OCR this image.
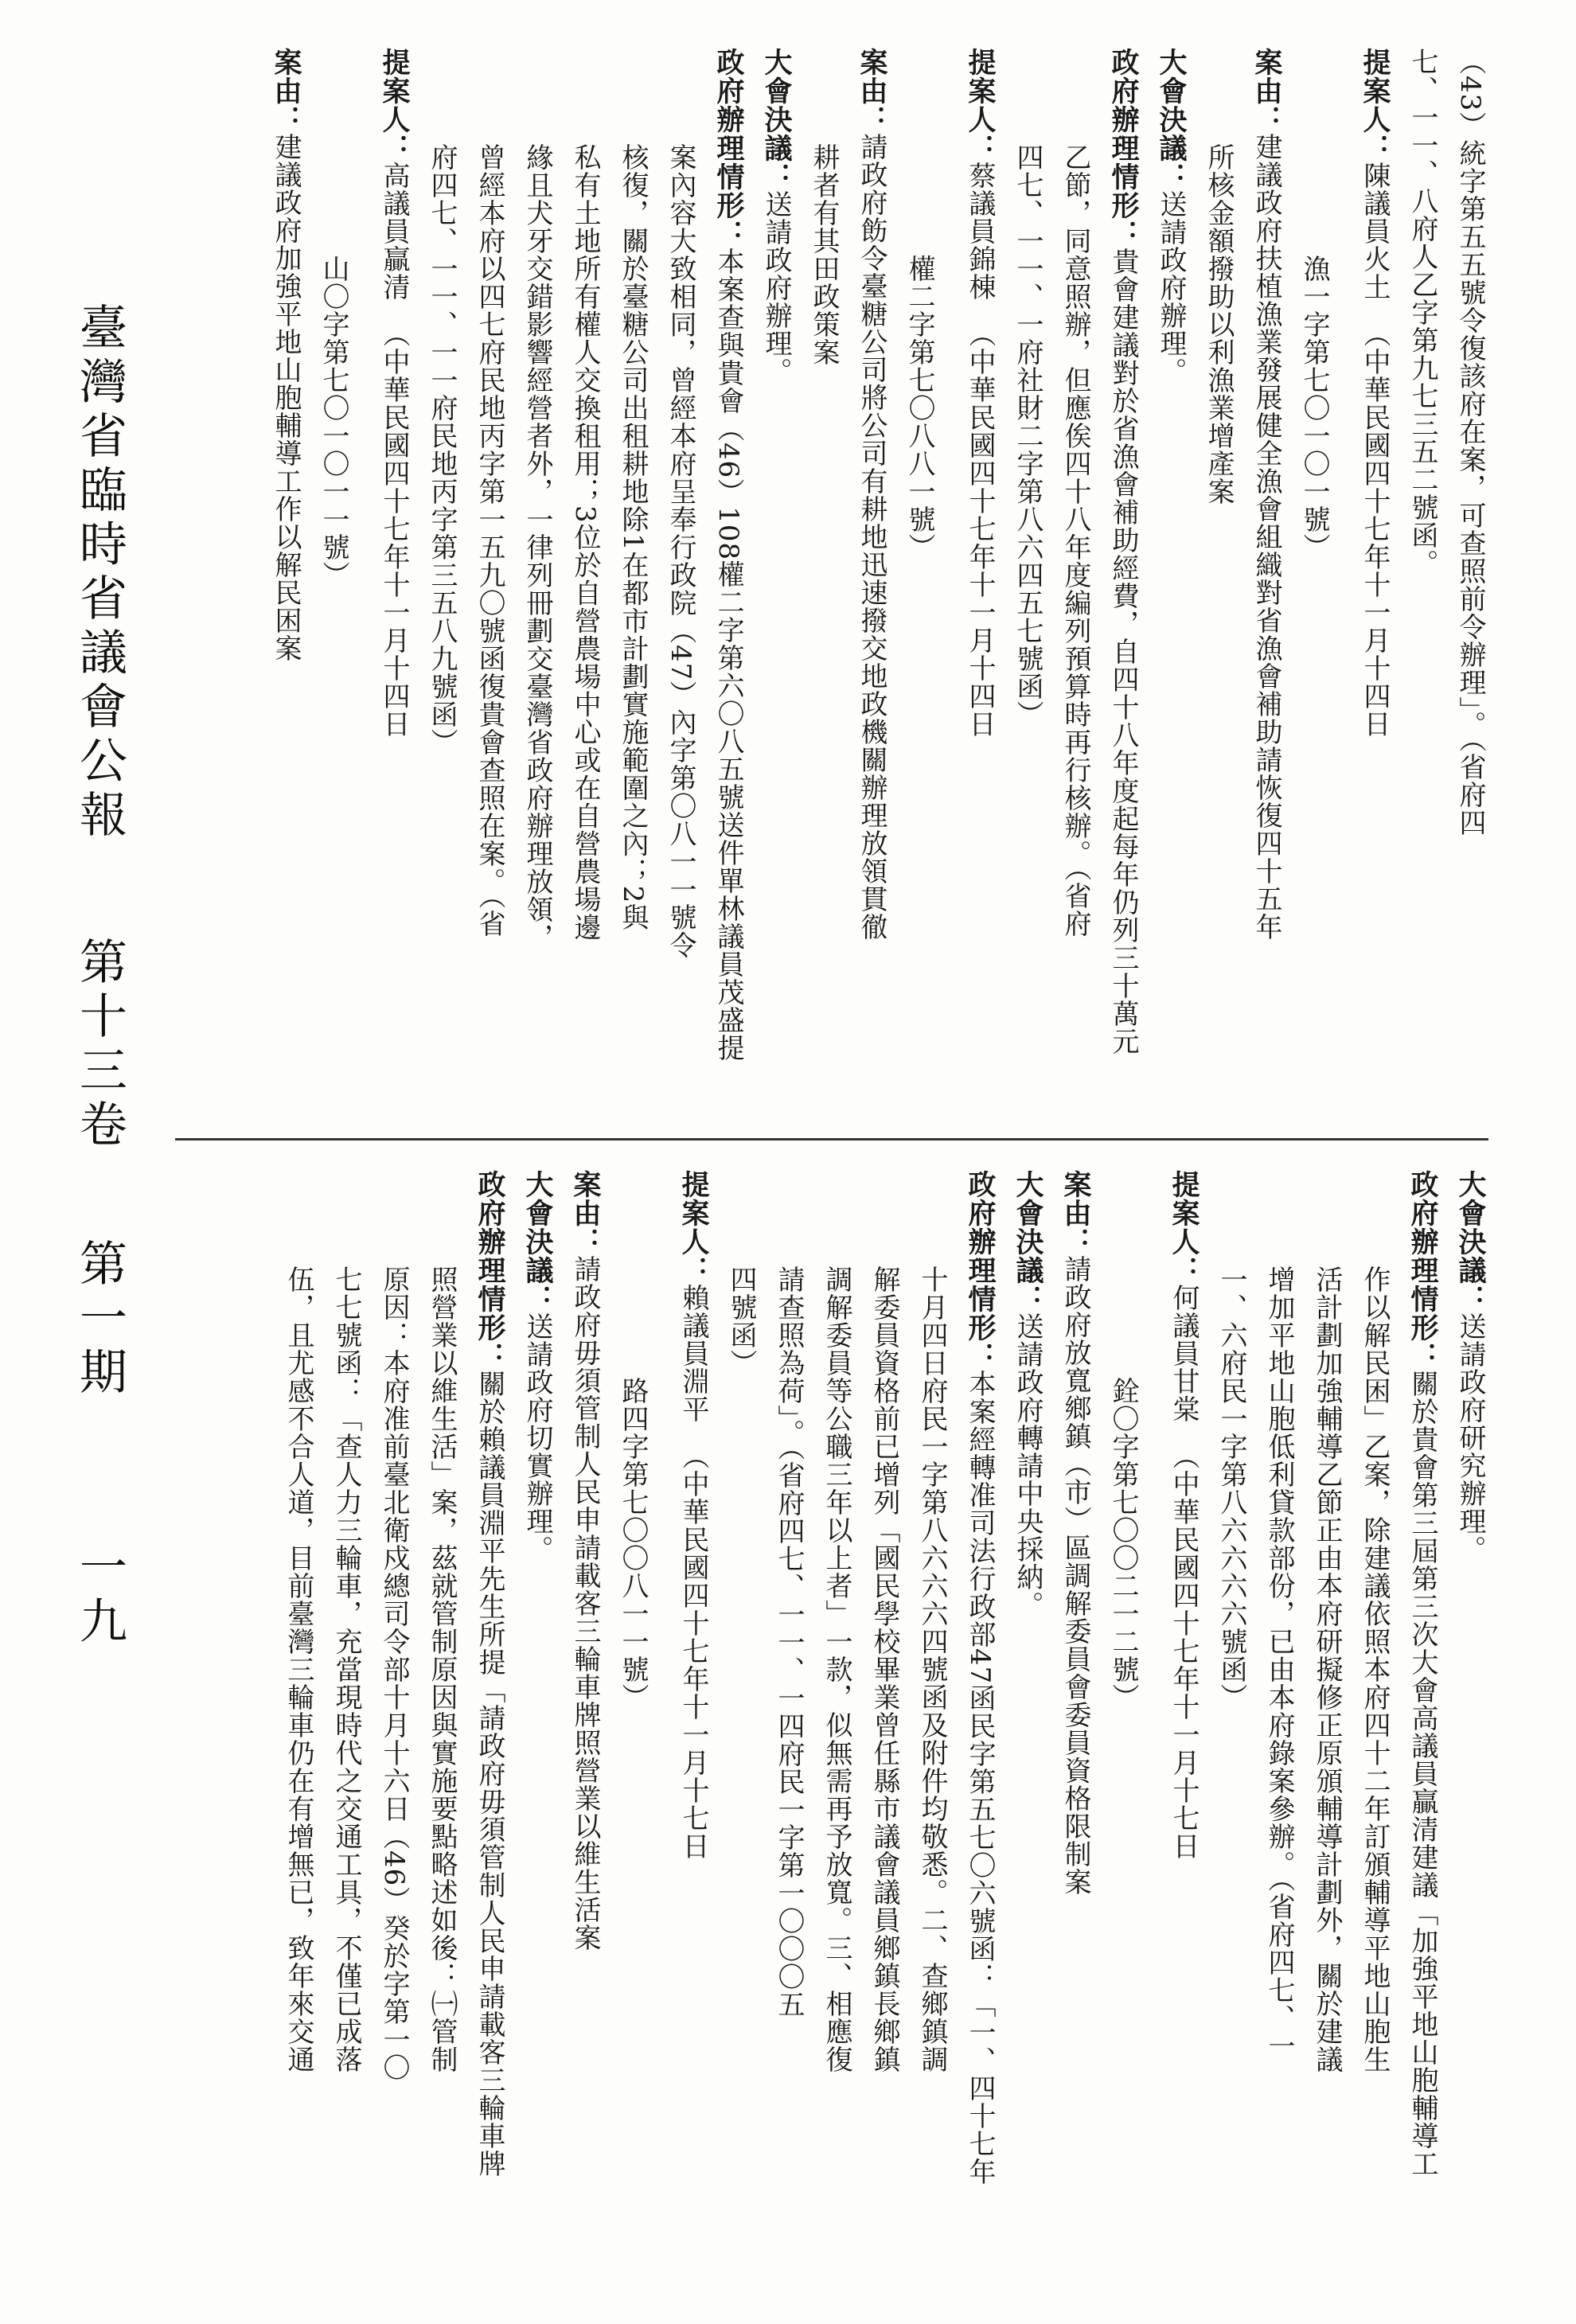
（43）統字第五五號令復該府在案，可查照前令辦理」。（省府四
七、一一、八府人乙字第九七三五二號函。
提案人：陳議員火土（中華民國四十七年十一月十四日
漁一字第七〇一〇一號）
案由：建議政府扶植漁業發展健全漁會組織對省漁會補助請恢復四十五年
所核金額撥助以利漁業增產案
大會決議：送請政府辦理。
政府辦理情形：貴會建議對於省漁會補助經費，自四十八年度起每年仍列三十萬元
乙節，同意照辦，但應俟四十八年度編列預算時再行核辦。（省府
四七、一一、一府社財二字第八六四五七號函）
提案人：蔡議員錦棟（中華民國四十七年十一月十四日
權二字第七〇八八一號）
案由：請政府飭令臺糖公司將公司有耕地迅速撥交地政機關辦理放領貫徹
耕者有其田政策案
大會決議：送請政府辦理。
政府辦理情形：本案查與貴會（46）108權二字第六〇八五號送件單林議員茂盛提
案內容大致相同，曾經本府呈奉行政院（47）內字第〇八一一號令
核復，關於臺糖公司出租耕地除1在都市計劃實施範圍之內；2與
私有土地所有權人交換租用；3位於自營農場中心或在自營農場邊
緣且犬牙交錯影響經營者外，一律列冊劃交臺灣省政府辦理放領，
曾經本府以四七府民地丙字第一五九〇號函復貴會查照在案。（省
府四七、一一、一一府民地丙字第三五八九號函）
提案人：高議員贏清（中華民國四十七年十一月十四日
山〇字第七〇一〇一一號）
案由：建議政府加強平地山胞輔導工作以解民困案
大會決議：送請政府研究辦理。
政府辦理情形：關於貴會第三屆第三次大會高議員贏清建議「加強平地山胞輔導工
作以解民困」乙案，除建議依照本府四十二年訂頒輔導平地山胞生
活計劃加強輔導乙節正由本府研擬修正原頒輔導計劃外，關於建議
增加平地山胞低利貸款部份，已由本府錄案參辦。（省府四七、一
一、六府民一字第八六六六六號函）
提案人：何議員甘棠（中華民國四十七年十一月十七日
銓〇字第七〇〇二一二號）
案由：請政府放寬鄉鎮（市）區調解委員會委員資格限制案
大會決議：送請政府轉請中央採納。
政府辦理情形：本案經轉准司法行政部47函民字第五七〇六號函：「一、四十七年
十月四日府民一字第八六六六四號函及附件均敬悉。二、查鄉鎮調
解委員資格前已增列「國民學校畢業曾任縣市議會議員鄉鎮長鄉鎮
調解委員等公職三年以上者」一款，似無需再予放寬。三、相應復
請查照為荷」。（省府四七、一一、一四府民一字第一〇〇〇五
四號函）
提案人：賴議員淵平（中華民國四十七年十一月十七日
路四字第七〇〇八一一號）
案由：請政府毋須管制人民申請載客三輪車牌照營業以維生活案
大會決議：送請政府切實辦理。
政府辦理情形：關於賴議員淵平先生所提「請政府毋須管制人民申請載客三輪車牌
照營業以維生活」案，茲就管制原因與實施要點略述如後：㈠管制
原因：本府准前臺北衛戍總司令部十月十六日（46）癸於字第一〇
七七號函：「查人力三輪車，充當現時代之交通工具，不僅已成落
伍，且尤感不合人道，目前臺灣三輪車仍在有增無已，致年來交通
臺灣省臨時省議會公報 第十三卷 第一期 一九
